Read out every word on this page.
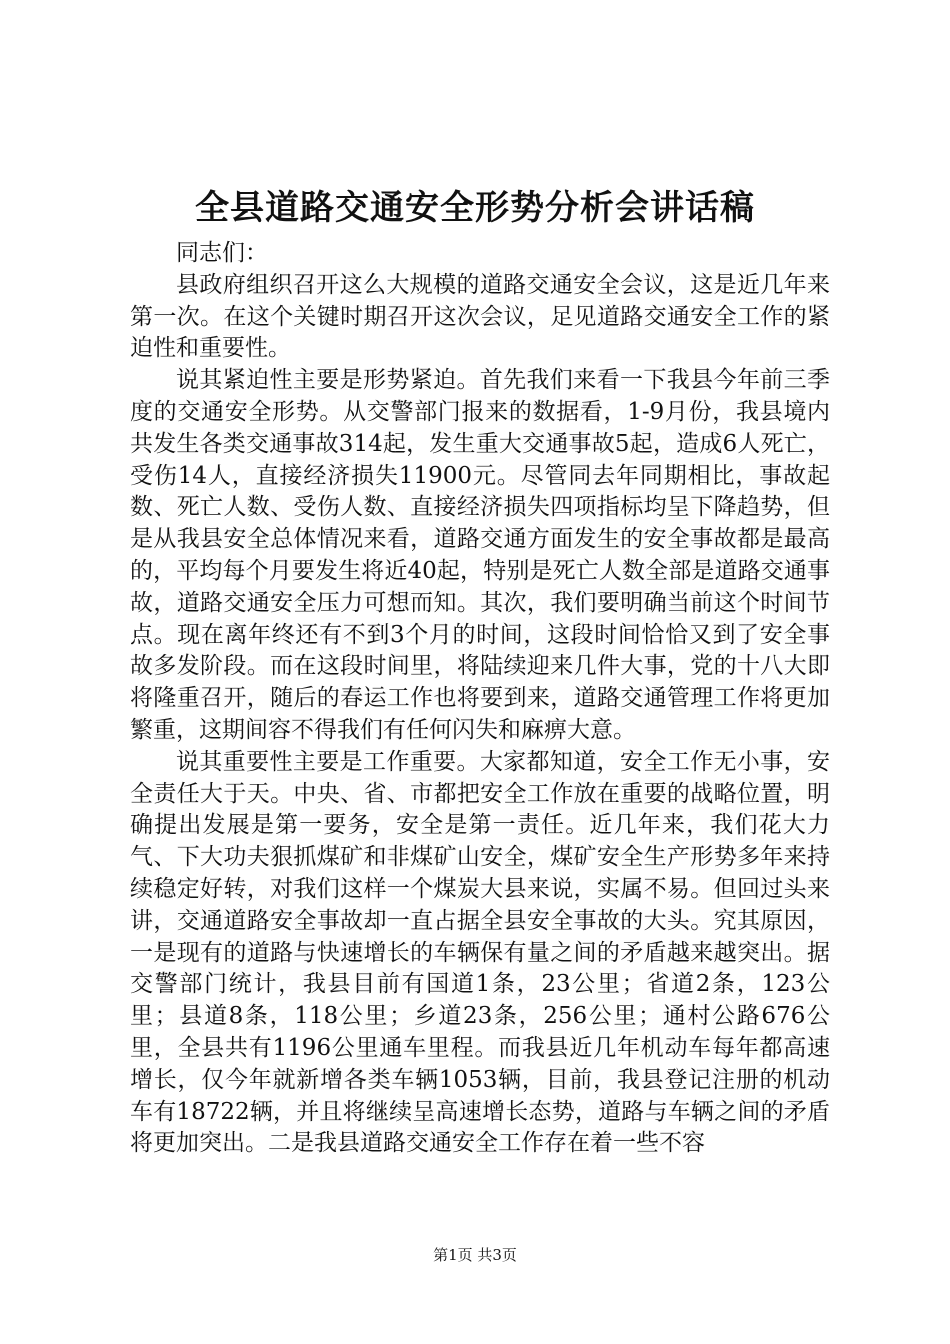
全县道路交通安全形势分析会讲话稿

同志们：

县政府组织召开这么大规模的道路交通安全会议，这是近几年来第一次。在这个关键时期召开这次会议，足见道路交通安全工作的紧迫性和重要性。

说其紧迫性主要是形势紧迫。首先我们来看一下我县今年前三季度的交通安全形势。从交警部门报来的数据看，1-9月份，我县境内共发生各类交通事故314起，发生重大交通事故5起，造成6人死亡，受伤14人，直接经济损失11900元。尽管同去年同期相比，事故起数、死亡人数、受伤人数、直接经济损失四项指标均呈下降趋势，但是从我县安全总体情况来看，道路交通方面发生的安全事故都是最高的，平均每个月要发生将近40起，特别是死亡人数全部是道路交通事故，道路交通安全压力可想而知。其次，我们要明确当前这个时间节点。现在离年终还有不到3个月的时间，这段时间恰恰又到了安全事故多发阶段。而在这段时间里，将陆续迎来几件大事，党的十八大即将隆重召开，随后的春运工作也将要到来，道路交通管理工作将更加繁重，这期间容不得我们有任何闪失和麻痹大意。

说其重要性主要是工作重要。大家都知道，安全工作无小事，安全责任大于天。中央、省、市都把安全工作放在重要的战略位置，明确提出发展是第一要务，安全是第一责任。近几年来，我们花大力气、下大功夫狠抓煤矿和非煤矿山安全，煤矿安全生产形势多年来持续稳定好转，对我们这样一个煤炭大县来说，实属不易。但回过头来讲，交通道路安全事故却一直占据全县安全事故的大头。究其原因，一是现有的道路与快速增长的车辆保有量之间的矛盾越来越突出。据交警部门统计，我县目前有国道1条，23公里；省道2条，123公里；县道8条，118公里；乡道23条，256公里；通村公路676公里，全县共有1196公里通车里程。而我县近几年机动车每年都高速增长，仅今年就新增各类车辆1053辆，目前，我县登记注册的机动车有18722辆，并且将继续呈高速增长态势，道路与车辆之间的矛盾将更加突出。二是我县道路交通安全工作存在着一些不容

第1页 共3页
